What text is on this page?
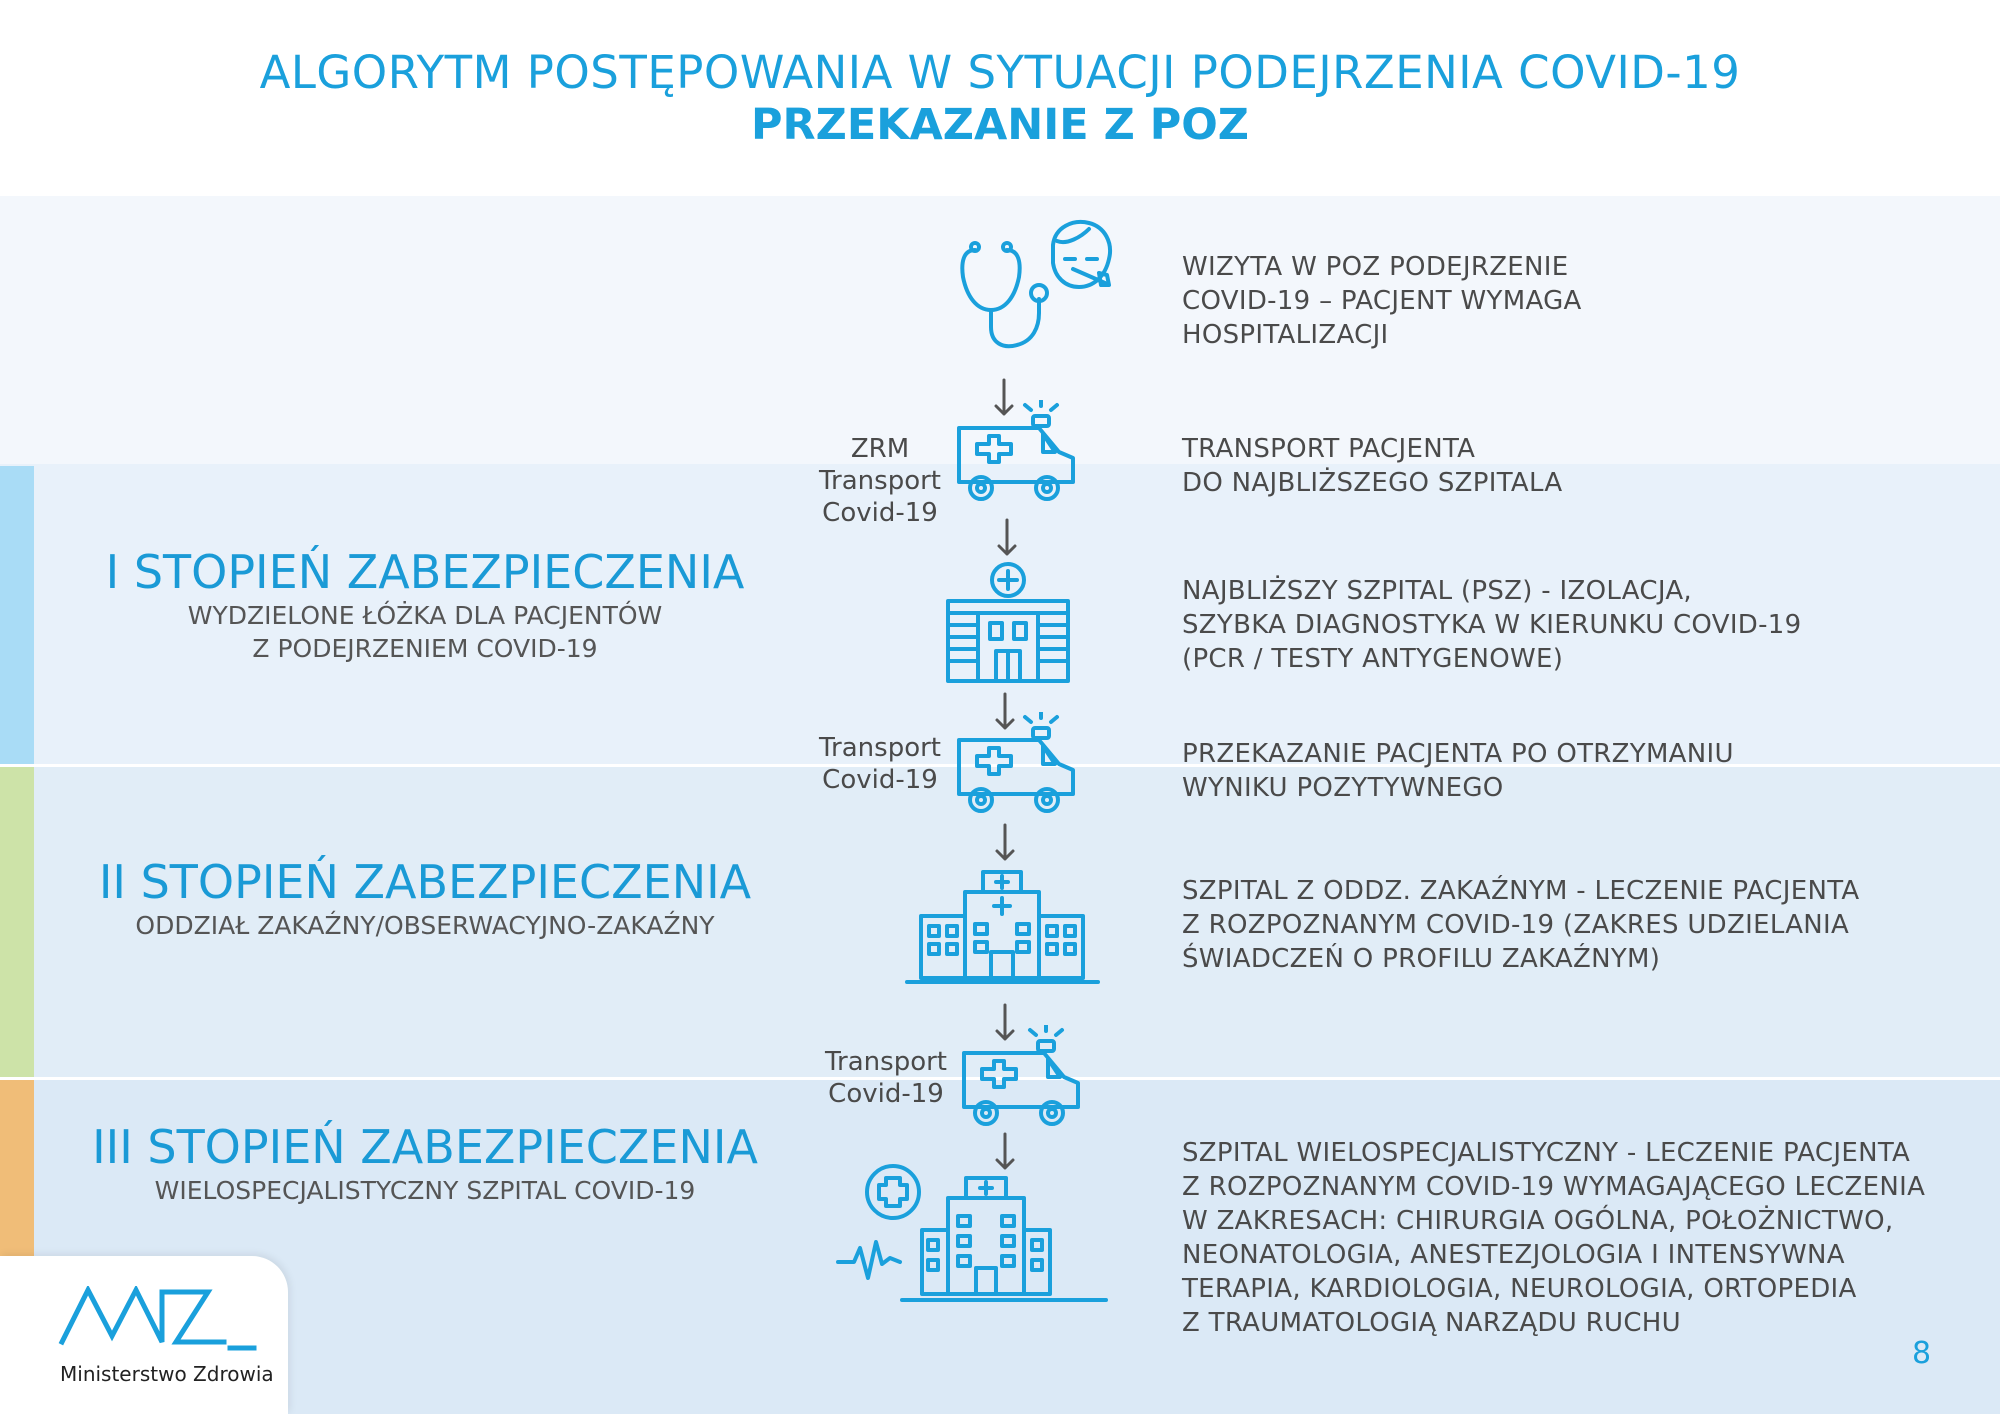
ALGORYTM POSTĘPOWANIA W SYTUACJI PODEJRZENIA COVID-19
PRZEKAZANIE Z POZ
I STOPIEŃ ZABEZPIECZENIA
WYDZIELONE ŁÓŻKA DLA PACJENTÓW
Z PODEJRZENIEM COVID-19
II STOPIEŃ ZABEZPIECZENIA
ODDZIAŁ ZAKAŹNY/OBSERWACYJNO-ZAKAŹNY
III STOPIEŃ ZABEZPIECZENIA
WIELOSPECJALISTYCZNY SZPITAL COVID-19
WIZYTA W POZ PODEJRZENIE
COVID-19 – PACJENT WYMAGA
HOSPITALIZACJI
TRANSPORT PACJENTA
DO NAJBLIŻSZEGO SZPITALA
NAJBLIŻSZY SZPITAL (PSZ) - IZOLACJA,
SZYBKA DIAGNOSTYKA W KIERUNKU COVID-19
(PCR / TESTY ANTYGENOWE)
PRZEKAZANIE PACJENTA PO OTRZYMANIU
WYNIKU POZYTYWNEGO
SZPITAL Z ODDZ. ZAKAŹNYM - LECZENIE PACJENTA
Z ROZPOZNANYM COVID-19 (ZAKRES UDZIELANIA
ŚWIADCZEŃ O PROFILU ZAKAŹNYM)
SZPITAL WIELOSPECJALISTYCZNY - LECZENIE PACJENTA
Z ROZPOZNANYM COVID-19 WYMAGAJĄCEGO LECZENIA
W ZAKRESACH: CHIRURGIA OGÓLNA, POŁOŻNICTWO,
NEONATOLOGIA, ANESTEZJOLOGIA I INTENSYWNA
TERAPIA, KARDIOLOGIA, NEUROLOGIA, ORTOPEDIA
Z TRAUMATOLOGIĄ NARZĄDU RUCHU
ZRM
Transport
Covid-19
Transport
Covid-19
Transport
Covid-19
Ministerstwo Zdrowia
8
